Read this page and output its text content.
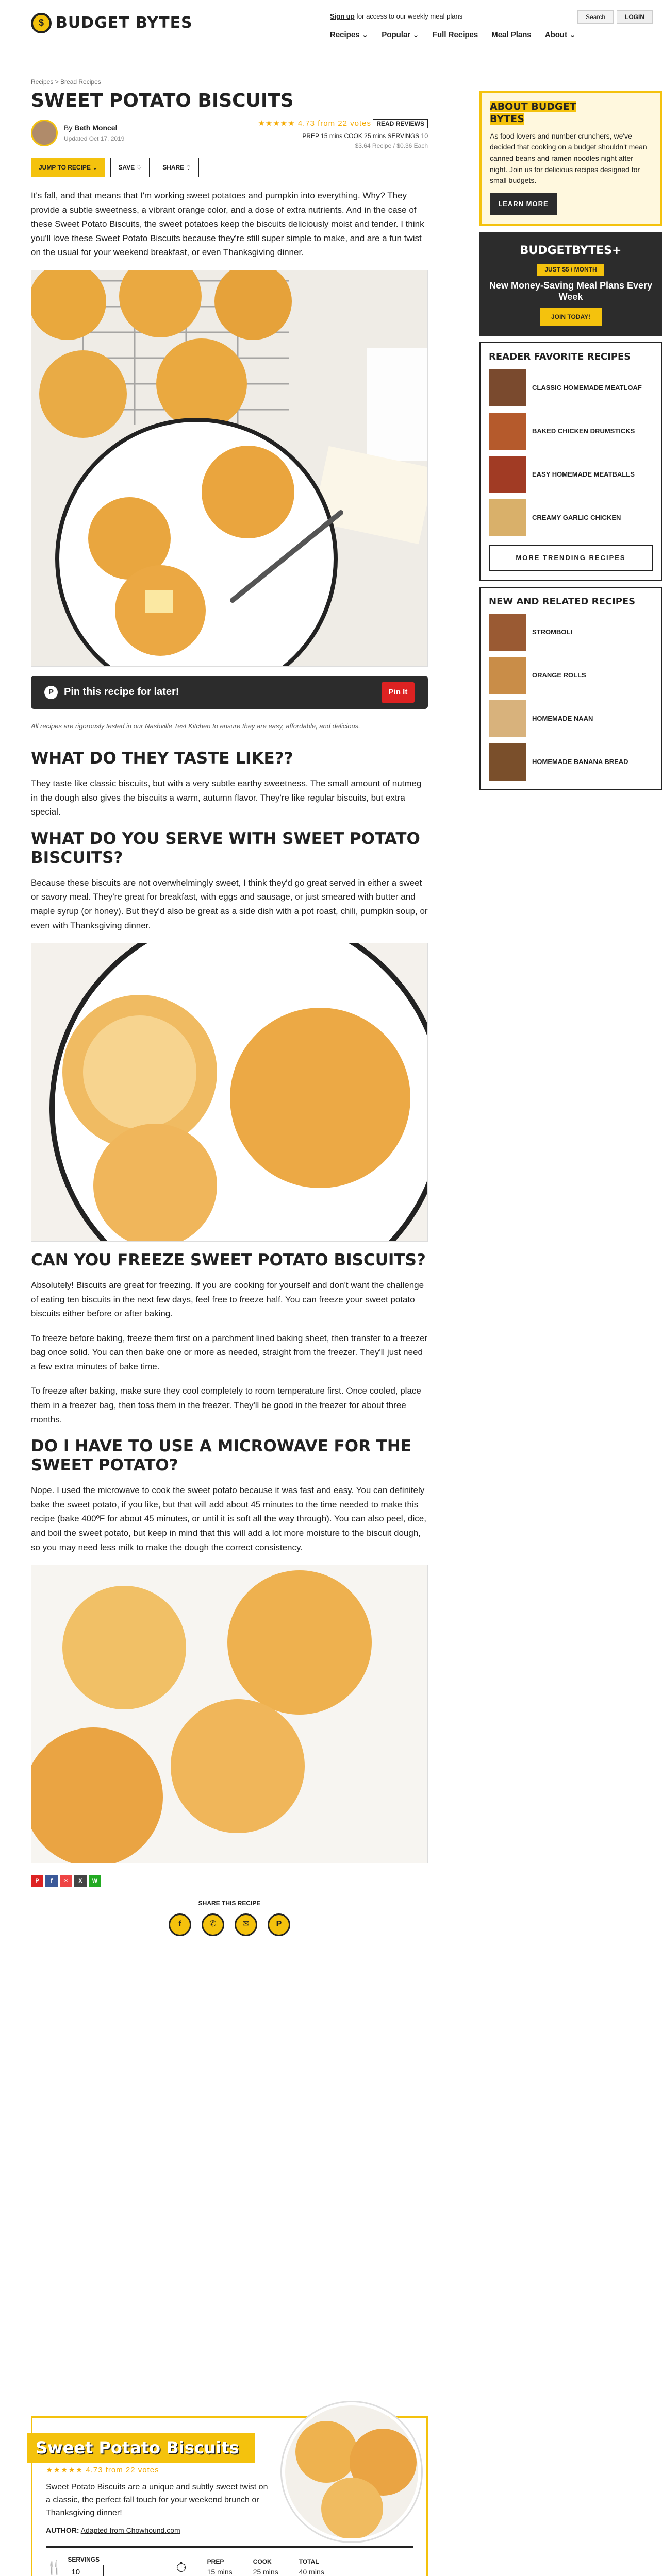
$ BUDGET BYTES	Sign up for access to our weekly meal plans	Search	LOGIN
Recipes ⌄ Popular ⌄ Full Recipes Meal Plans About ⌄
Recipes > Bread Recipes
SWEET POTATO BISCUITS
By Beth Moncel
Updated Oct 17, 2019
★★★★★ 4.73 from 22 votes READ REVIEWS
PREP 15 mins COOK 25 mins SERVINGS 10
$3.64 Recipe / $0.36 Each
JUMP TO RECIPE ⌄	SAVE ♡	SHARE ⇧

It's fall, and that means that I'm working sweet potatoes and pumpkin into everything. Why? They provide a subtle sweetness, a vibrant orange color, and a dose of extra nutrients. And in the case of these Sweet Potato Biscuits, the sweet potatoes keep the biscuits deliciously moist and tender. I think you'll love these Sweet Potato Biscuits because they're still super simple to make, and are a fun twist on the usual for your weekend breakfast, or even Thanksgiving dinner.

P	Pin this recipe for later!	Pin It
All recipes are rigorously tested in our Nashville Test Kitchen to ensure they are easy, affordable, and delicious.
WHAT DO THEY TASTE LIKE??

They taste like classic biscuits, but with a very subtle earthy sweetness. The small amount of nutmeg in the dough also gives the biscuits a warm, autumn flavor. They're like regular biscuits, but extra special.

WHAT DO YOU SERVE WITH SWEET POTATO BISCUITS?

Because these biscuits are not overwhelmingly sweet, I think they'd go great served in either a sweet or savory meal. They're great for breakfast, with eggs and sausage, or just smeared with butter and maple syrup (or honey). But they'd also be great as a side dish with a pot roast, chili, pumpkin soup, or even with Thanksgiving dinner.

CAN YOU FREEZE SWEET POTATO BISCUITS?

Absolutely! Biscuits are great for freezing. If you are cooking for yourself and don't want the challenge of eating ten biscuits in the next few days, feel free to freeze half. You can freeze your sweet potato biscuits either before or after baking.

To freeze before baking, freeze them first on a parchment lined baking sheet, then transfer to a freezer bag once solid. You can then bake one or more as needed, straight from the freezer. They'll just need a few extra minutes of bake time.

To freeze after baking, make sure they cool completely to room temperature first. Once cooled, place them in a freezer bag, then toss them in the freezer. They'll be good in the freezer for about three months.

DO I HAVE TO USE A MICROWAVE FOR THE SWEET POTATO?

Nope. I used the microwave to cook the sweet potato because it was fast and easy. You can definitely bake the sweet potato, if you like, but that will add about 45 minutes to the time needed to make this recipe (bake 400ºF for about 45 minutes, or until it is soft all the way through). You can also peel, dice, and boil the sweet potato, but keep in mind that this will add a lot more moisture to the biscuit dough, so you may need less milk to make the dough the correct consistency.

P	f	✉	X	W
SHARE THIS RECIPE
f	✆	✉	P
Sweet Potato Biscuits
★★★★★ 4.73 from 22 votes

Sweet Potato Biscuits are a unique and subtly sweet twist on a classic, the perfect fall touch for your weekend brunch or Thanksgiving dinner!

AUTHOR: Adapted from Chowhound.com
🍴
SERVINGS
10
⏱	PREP
15 mins
COOK
25 mins
TOTAL
40 mins
ABOUT BUDGET
BYTES

As food lovers and number crunchers, we've decided that cooking on a budget shouldn't mean canned beans and ramen noodles night after night. Join us for delicious recipes designed for small budgets.

LEARN MORE
BUDGETBYTES+
JUST $5 / MONTH
New Money-Saving Meal Plans Every Week
JOIN TODAY!
READER FAVORITE RECIPES
CLASSIC HOMEMADE MEATLOAF
BAKED CHICKEN DRUMSTICKS
EASY HOMEMADE MEATBALLS
CREAMY GARLIC CHICKEN
MORE TRENDING RECIPES
NEW AND RELATED RECIPES
STROMBOLI
ORANGE ROLLS
HOMEMADE NAAN
HOMEMADE BANANA BREAD
